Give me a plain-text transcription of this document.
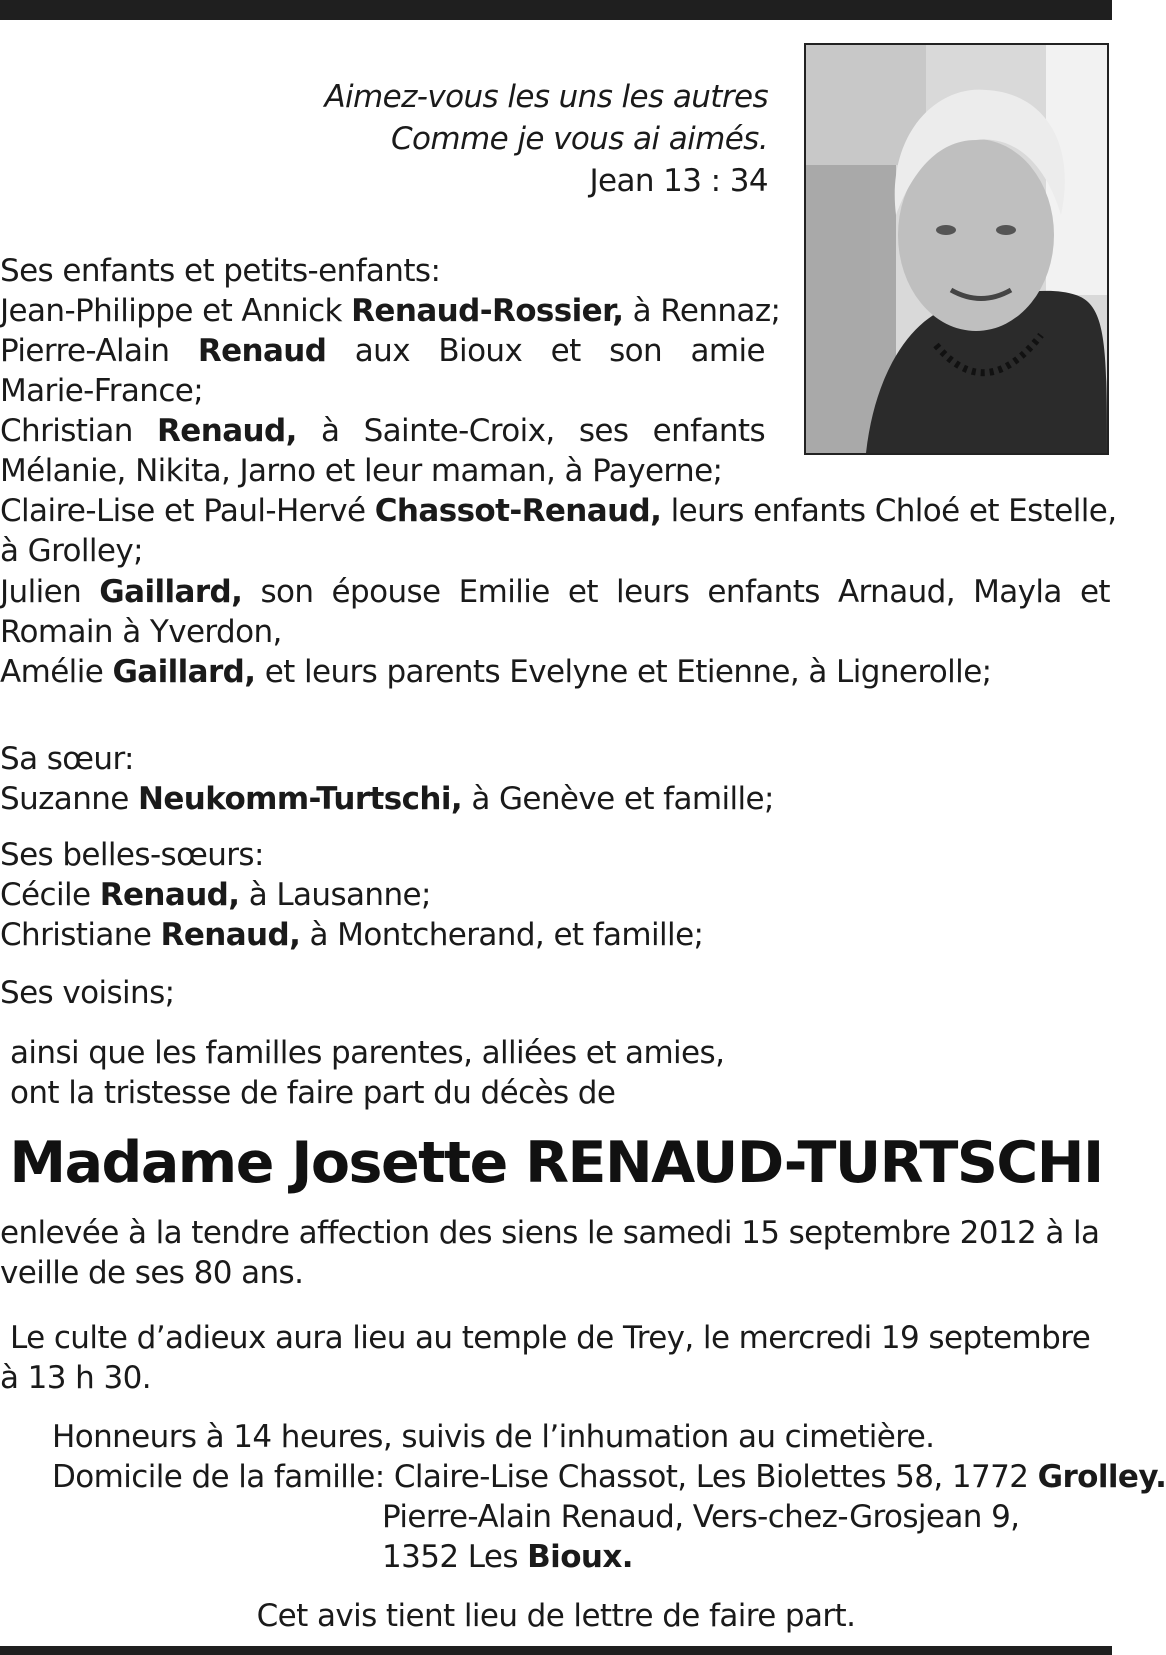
Aimez-vous les uns les autres
Comme je vous ai aimés.
Jean 13 : 34
Ses enfants et petits-enfants:
Jean-Philippe et Annick Renaud-Rossier, à Rennaz;
Pierre-Alain Renaud aux Bioux et son amie
Marie-France;
Christian Renaud, à Sainte-Croix, ses enfants
Mélanie, Nikita, Jarno et leur maman, à Payerne;
Claire-Lise et Paul-Hervé Chassot-Renaud, leurs enfants Chloé et Estelle,
à Grolley;
Julien Gaillard, son épouse Emilie et leurs enfants Arnaud, Mayla et
Romain à Yverdon,
Amélie Gaillard, et leurs parents Evelyne et Etienne, à Lignerolle;
Sa sœur:
Suzanne Neukomm-Turtschi, à Genève et famille;
Ses belles-sœurs:
Cécile Renaud, à Lausanne;
Christiane Renaud, à Montcherand, et famille;
Ses voisins;
ainsi que les familles parentes, alliées et amies,
ont la tristesse de faire part du décès de
Madame Josette RENAUD-TURTSCHI
enlevée à la tendre affection des siens le samedi 15 septembre 2012 à la
veille de ses 80 ans.
Le culte d’adieux aura lieu au temple de Trey, le mercredi 19 septembre
à 13 h 30.
Honneurs à 14 heures, suivis de l’inhumation au cimetière.
Domicile de la famille: Claire-Lise Chassot, Les Biolettes 58, 1772 Grolley.
Pierre-Alain Renaud, Vers-chez-Grosjean 9,
1352 Les Bioux.
Cet avis tient lieu de lettre de faire part.
